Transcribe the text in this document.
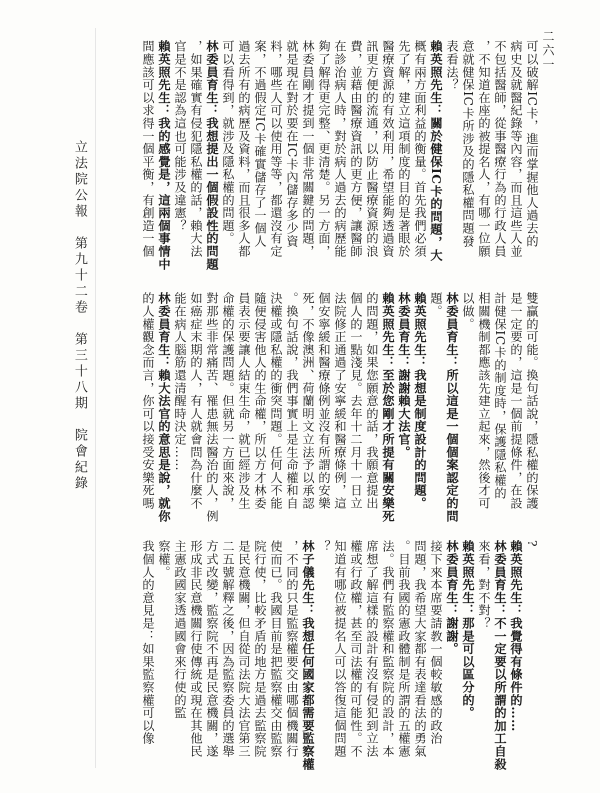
立法院公報　第九十二卷　第三十八期　院會紀錄
二六一
?
賴英照先生：我覺得有條件的……
林委員育生：不一定要以所謂的加工自殺
來看，對不對？
賴英照先生：那是可以區分的。
林委員育生：謝謝。
接下來本席要請教一個較敏感的政治
問題，我希望大家都有表達看法的勇氣
。目前我國的憲政體制是所謂的五權憲
法。我們有監察權和監察院的設計，本
席想了解這樣的設計有沒有侵犯到立法
權或行政權，甚至司法權的可能性。不
知道有哪位被提名人可以答復這個問題
？
林子儀先生：我想任何國家都需要監察權
，不同的只是監察權要交由哪個機關行
使而已。我國目前是把監察權交由監察
院行使，比較矛盾的地方是過去監察院
是民意機關，但自從司法院大法官第三
二五號解釋之後，因為監察委員的選舉
方式改變，監察院不再是民意機關，遂
形成非民意機關行使傳統或現在其他民
主憲政國家透過國會來行使的監
察權。
我個人的意見是：如果監察權可以像
雙贏的可能。換句話說，隱私權的保護
是一定要的，這是一個前提條件，在設
計健保IC卡的制度時，保護隱私權的
相關機制都應該先建立起來，然後才可
以做。
林委員育生：所以這是一個個案認定的問
題。
賴英照先生：我想是制度設計的問題。
林委員育生：謝謝賴大法官。
賴英照先生：至於您剛才所提有關安樂死
的問題，如果您願意的話，我願意提出
個人的一點淺見。去年十二月十一日立
法院修正通過了安寧緩和醫療條例，這
個安寧緩和醫療條例並沒有所謂的安樂
死，不像澳洲、荷蘭明文立法予以承認
。換句話說，我們事實上是生命權和自
決權或隱私權的衝突問題。任何人不能
隨便侵害他人的生命權，所以方才林委
員表示要讓人結束生命，就已經涉及生
命權的保護問題。但就另一方面來說，
對那些非常痛苦、罹患無法醫治的人，例
如癌症末期的人，有人就會問為什麼不
能在病人腦筋還清醒時決定……
林委員育生：賴大法官的意思是說，就你
的人權觀念而言，你可以接受安樂死嗎
可以破解IC卡，進而掌握他人過去的
病史及就醫紀錄等內容，而且這些人並
不包括醫師，從事醫療行為的行政人員
，不知道在座的被提名人，有哪一位願
意就健保IC卡所涉及的隱私權問題發
表看法？
賴英照先生：關於健保IC卡的問題，大
概有兩方面利益的衡量。首先我們必須
先了解，建立這項制度的目的是著眼於
醫療資源的有效利用，希望能夠透過資
訊更方便的流通，以防止醫療資源的浪
費，並藉由醫療資訊的更方便，讓醫師
在診治病人時，對於病人過去的病歷能
夠了解得更完整、更清楚。另一方面，
林委員剛才提到一個非常關鍵的問題，
就是現在對於要在IC卡內儲存多少資
料，哪些人可以使用等等，都還沒有定
案，不過假定IC卡確實儲存了一個人
過去所有的病歷及資料，而且很多人都
可以看得到，就涉及隱私權的問題。
林委員育生：我想提出一個假設性的問題
，如果確實有侵犯隱私權的話，賴大法
官是不是認為這也可能涉及違憲？
賴英照先生：我的感覺是，這兩個事情中
間應該可以求得一個平衡，有創造一個
